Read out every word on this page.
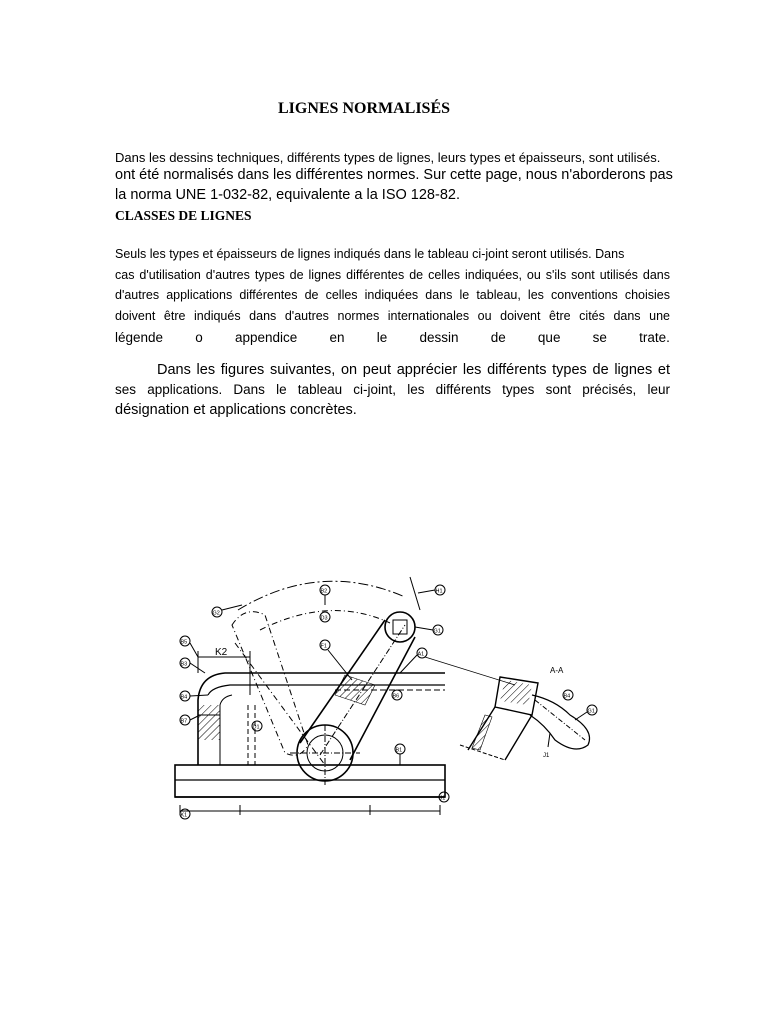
LIGNES NORMALISÉS
Dans les dessins techniques, différents types de lignes, leurs types et épaisseurs, sont utilisés.
ont été normalisés dans les différentes normes. Sur cette page, nous n'aborderons pas
la norma UNE 1-032-82, equivalente a la ISO 128-82.
CLASSES DE LIGNES
Seuls les types et épaisseurs de lignes indiqués dans le tableau ci-joint seront utilisés. Dans
cas d'utilisation d'autres types de lignes différentes de celles indiquées, ou s'ils sont utilisés dans
d'autres applications différentes de celles indiquées dans le tableau, les conventions choisies
doivent être indiqués dans d'autres normes internationales ou doivent être cités dans une
légende o appendice en le dessin de que se trate.
Dans les figures suivantes, on peut apprécier les différents types de lignes et
ses applications. Dans le tableau ci-joint, les différents types sont précisés, leur
désignation et applications concrètes.
K2
A-A
B2	H1
G2
D3
G1
B5
F1
A1
B3
B6
B4
B7
D1
B1
J1
K1
B4
G1
J1
